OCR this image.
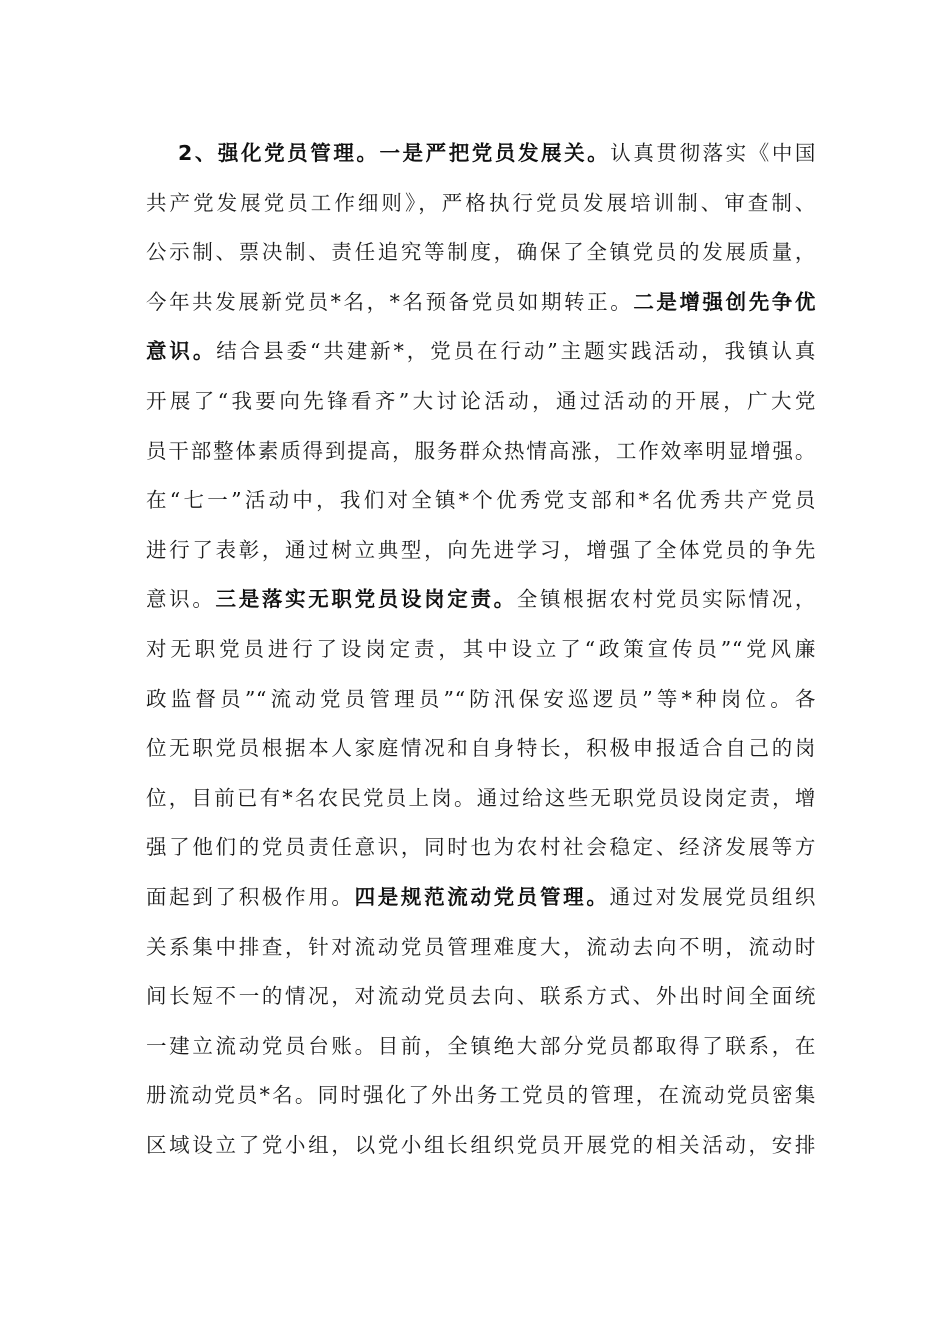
2、强化党员管理。一是严把党员发展关。认真贯彻落实《中国
共产党发展党员工作细则》，严格执行党员发展培训制、审查制、
公示制、票决制、责任追究等制度，确保了全镇党员的发展质量，
今年共发展新党员*名，*名预备党员如期转正。二是增强创先争优
意识。结合县委“共建新*，党员在行动”主题实践活动，我镇认真
开展了“我要向先锋看齐”大讨论活动，通过活动的开展，广大党
员干部整体素质得到提高，服务群众热情高涨，工作效率明显增强。
在“七一”活动中，我们对全镇*个优秀党支部和*名优秀共产党员
进行了表彰，通过树立典型，向先进学习，增强了全体党员的争先
意识。三是落实无职党员设岗定责。全镇根据农村党员实际情况，
对无职党员进行了设岗定责，其中设立了“政策宣传员”“党风廉
政监督员”“流动党员管理员”“防汛保安巡逻员”等*种岗位。各
位无职党员根据本人家庭情况和自身特长，积极申报适合自己的岗
位，目前已有*名农民党员上岗。通过给这些无职党员设岗定责，增
强了他们的党员责任意识，同时也为农村社会稳定、经济发展等方
面起到了积极作用。四是规范流动党员管理。通过对发展党员组织
关系集中排查，针对流动党员管理难度大，流动去向不明，流动时
间长短不一的情况，对流动党员去向、联系方式、外出时间全面统
一建立流动党员台账。目前，全镇绝大部分党员都取得了联系，在
册流动党员*名。同时强化了外出务工党员的管理，在流动党员密集
区域设立了党小组，以党小组长组织党员开展党的相关活动，安排
